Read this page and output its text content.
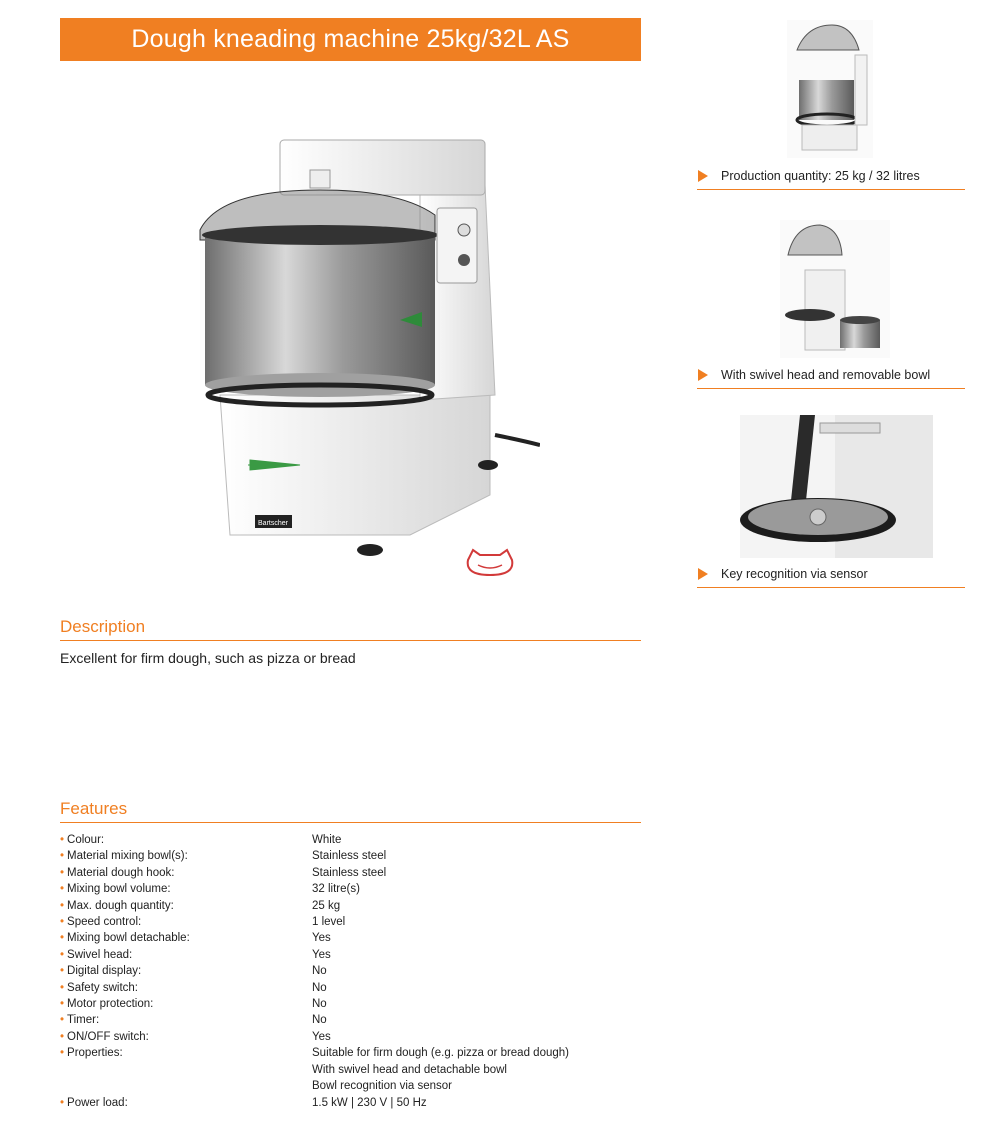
Dough kneading machine 25kg/32L AS
Bartscher
Description
Excellent for firm dough, such as pizza or bread
Features
• Colour:	White
• Material mixing bowl(s):	Stainless steel
• Material dough hook:	Stainless steel
• Mixing bowl volume:	32 litre(s)
• Max. dough quantity:	25 kg
• Speed control:	1 level
• Mixing bowl detachable:	Yes
• Swivel head:	Yes
• Digital display:	No
• Safety switch:	No
• Motor protection:	No
• Timer:	No
• ON/OFF switch:	Yes
• Properties:	Suitable for firm dough (e.g. pizza or bread dough)
With swivel head and detachable bowl
Bowl recognition via sensor
• Power load:	1.5 kW | 230 V | 50 Hz
Production quantity: 25 kg / 32 litres
With swivel head and removable bowl
Key recognition via sensor
